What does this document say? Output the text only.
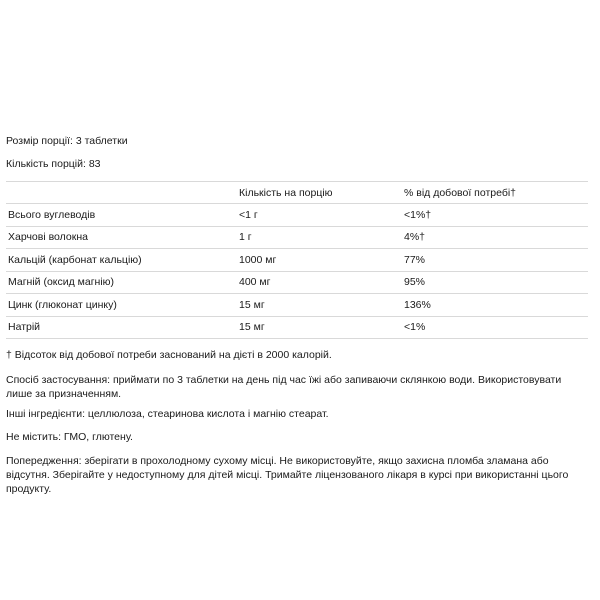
Розмір порції: 3 таблетки

Кількість порцій: 83

	Кількість на порцію	% від добової потребі†
Всього вуглеводів	<1 г	<1%†
Харчові волокна	1 г	4%†
Кальцій (карбонат кальцію)	1000 мг	77%
Магній (оксид магнію)	400 мг	95%
Цинк (глюконат цинку)	15 мг	136%
Натрій	15 мг	<1%

† Відсоток від добової потреби заснований на дієті в 2000 калорій.

Спосіб застосування: приймати по 3 таблетки на день під час їжі або запиваючи склянкою води. Використовувати лише за призначенням.

Інші інгредієнти: целлюлоза, стеаринова кислота і магнію стеарат.

Не містить: ГМО, глютену.

Попередження: зберігати в прохолодному сухому місці. Не використовуйте, якщо захисна пломба зламана або відсутня. Зберігайте у недоступному для дітей місці. Тримайте ліцензованого лікаря в курсі при використанні цього продукту.
